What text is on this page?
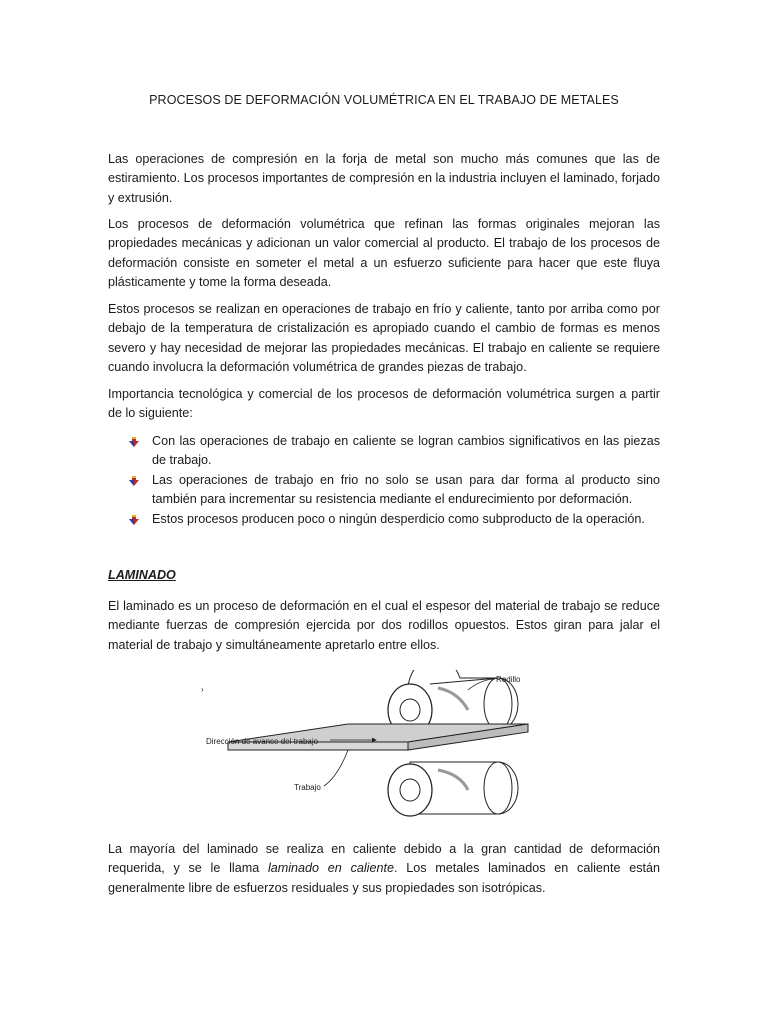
PROCESOS DE DEFORMACIÓN VOLUMÉTRICA EN EL TRABAJO DE METALES

Las operaciones de compresión en la forja de metal son mucho más comunes que las de estiramiento. Los procesos importantes de compresión en la industria incluyen el laminado, forjado y extrusión.

Los procesos de deformación volumétrica que refinan las formas originales mejoran las propiedades mecánicas y adicionan un valor comercial al producto. El trabajo de los procesos de deformación consiste en someter el metal a un esfuerzo suficiente para hacer que este fluya plásticamente y tome la forma deseada.

Estos procesos se realizan en operaciones de trabajo en frío y caliente, tanto por arriba como por debajo de la temperatura de cristalización es apropiado cuando el cambio de formas es menos severo y hay necesidad de mejorar las propiedades mecánicas. El trabajo en caliente se requiere cuando involucra la deformación volumétrica de grandes piezas de trabajo.

Importancia tecnológica y comercial de los procesos de deformación volumétrica surgen a partir de lo siguiente:

Con las operaciones de trabajo en caliente se logran cambios significativos en las piezas de trabajo.
Las operaciones de trabajo en frio no solo se usan para dar forma al producto sino también para incrementar su resistencia mediante el endurecimiento por deformación.
Estos procesos producen poco o ningún desperdicio como subproducto de la operación.
LAMINADO

El laminado es un proceso de deformación en el cual el espesor del material de trabajo se reduce mediante fuerzas de compresión ejercida por dos rodillos opuestos. Estos giran para jalar el material de trabajo y simultáneamente apretarlo entre ellos.

›
Rodillo
Dirección de avance del trabajo
Trabajo

La mayoría del laminado se realiza en caliente debido a la gran cantidad de deformación requerida, y se le llama laminado en caliente. Los metales laminados en caliente están generalmente libre de esfuerzos residuales y sus propiedades son isotrópicas.
